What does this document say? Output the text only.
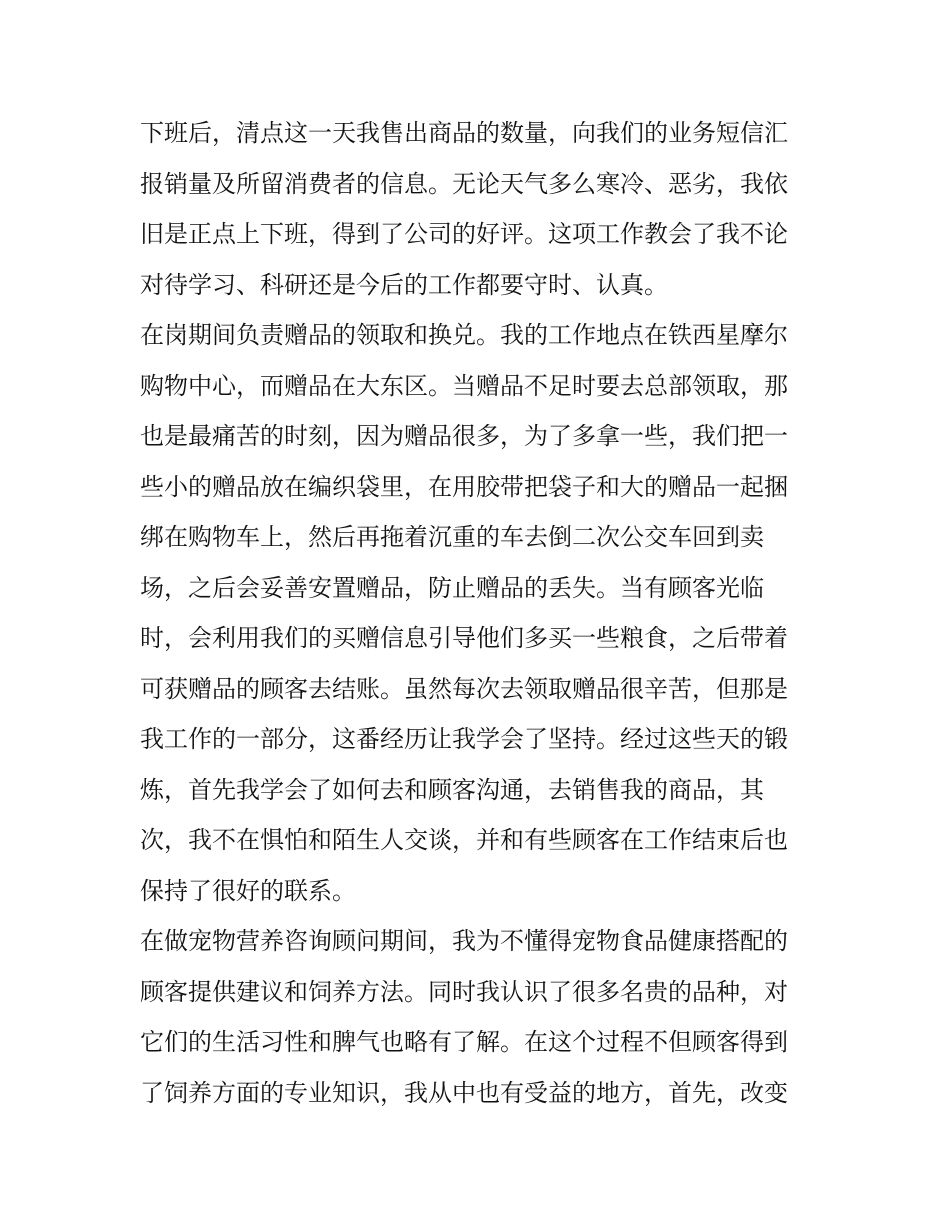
下班后，清点这一天我售出商品的数量，向我们的业务短信汇
报销量及所留消费者的信息。无论天气多么寒冷、恶劣，我依
旧是正点上下班，得到了公司的好评。这项工作教会了我不论
对待学习、科研还是今后的工作都要守时、认真。
在岗期间负责赠品的领取和换兑。我的工作地点在铁西星摩尔
购物中心，而赠品在大东区。当赠品不足时要去总部领取，那
也是最痛苦的时刻，因为赠品很多，为了多拿一些，我们把一
些小的赠品放在编织袋里，在用胶带把袋子和大的赠品一起捆
绑在购物车上，然后再拖着沉重的车去倒二次公交车回到卖
场，之后会妥善安置赠品，防止赠品的丢失。当有顾客光临
时，会利用我们的买赠信息引导他们多买一些粮食，之后带着
可获赠品的顾客去结账。虽然每次去领取赠品很辛苦，但那是
我工作的一部分，这番经历让我学会了坚持。经过这些天的锻
炼，首先我学会了如何去和顾客沟通，去销售我的商品，其
次，我不在惧怕和陌生人交谈，并和有些顾客在工作结束后也
保持了很好的联系。
在做宠物营养咨询顾问期间，我为不懂得宠物食品健康搭配的
顾客提供建议和饲养方法。同时我认识了很多名贵的品种，对
它们的生活习性和脾气也略有了解。在这个过程不但顾客得到
了饲养方面的专业知识，我从中也有受益的地方，首先，改变
